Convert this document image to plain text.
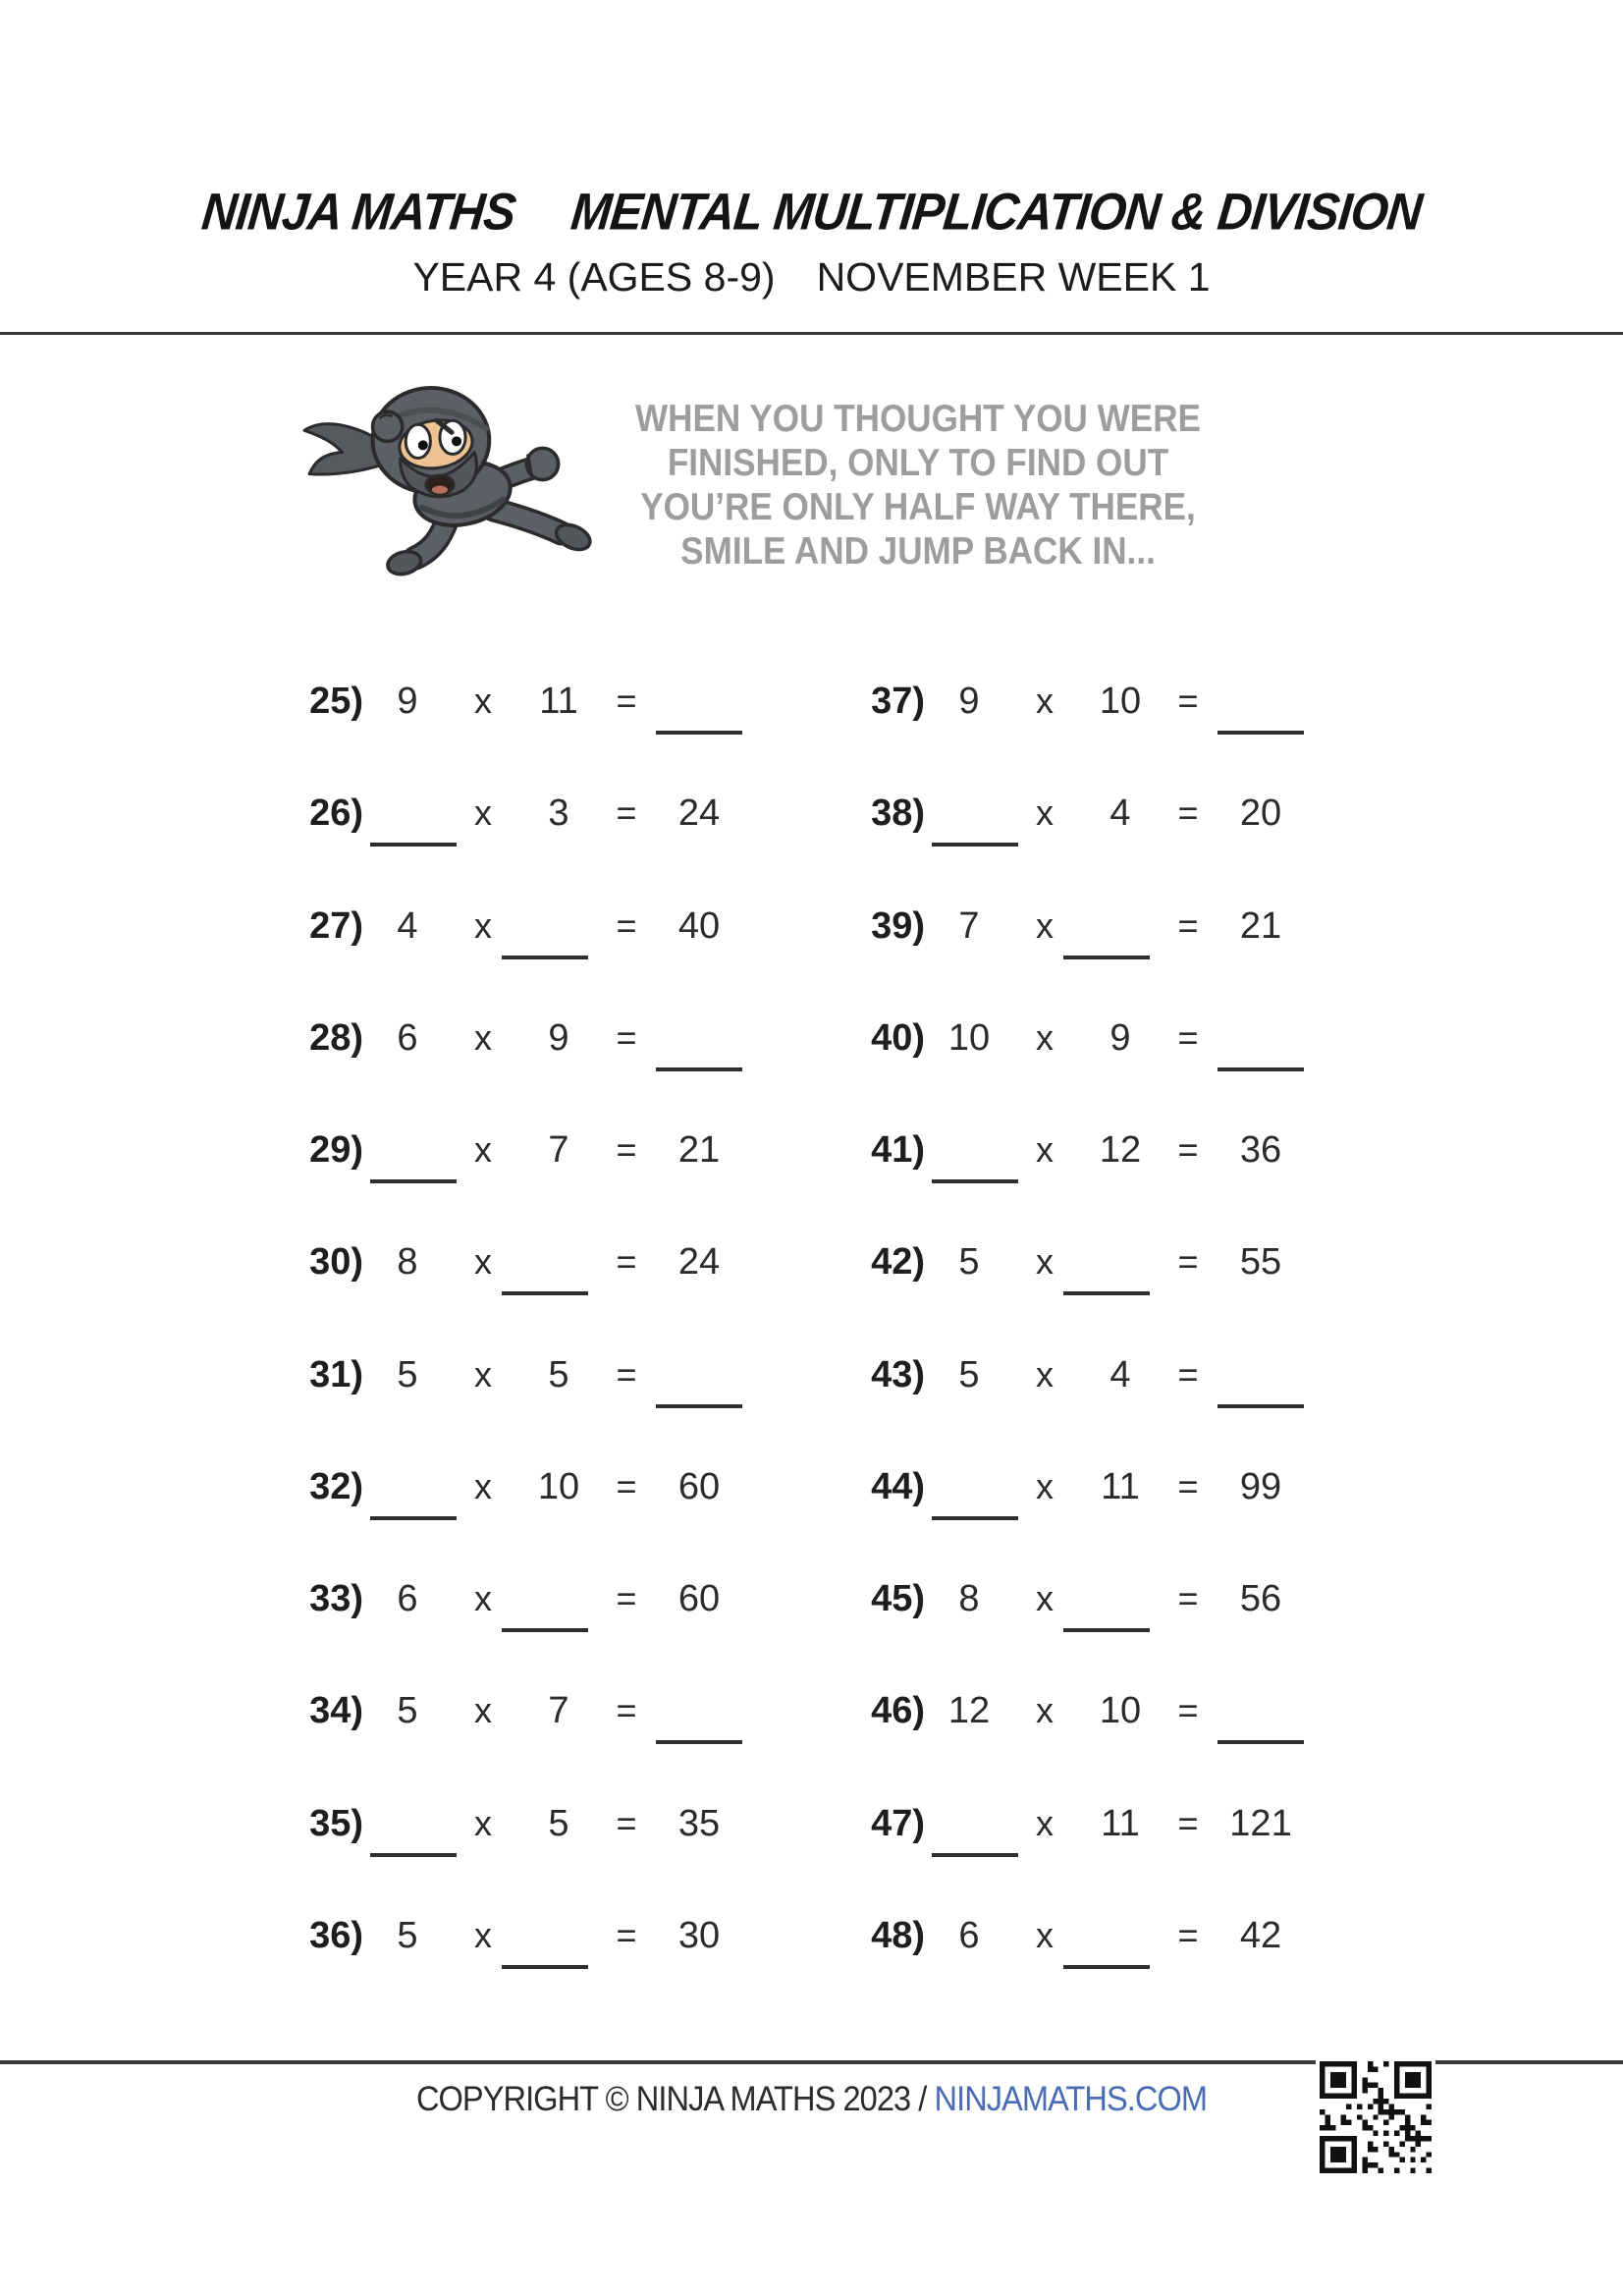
NINJA MATHS MENTAL MULTIPLICATION & DIVISION
YEAR 4 (AGES 8-9) NOVEMBER WEEK 1
WHEN YOU THOUGHT YOU WERE
FINISHED, ONLY TO FIND OUT
YOU’RE ONLY HALF WAY THERE,
SMILE AND JUMP BACK IN...
25) 9	x	11	=
26)	x	3	=	24
27) 4	x	=	40
28) 6	x	9	=
29)	x	7	=	21
30) 8	x	=	24
31) 5	x	5	=
32)	x	10	=	60
33) 6	x	=	60
34) 5	x	7	=
35)	x	5	=	35
36) 5	x	=	30
37) 9	x	10	=
38)	x	4	=	20
39) 7	x	=	21
40) 10	x	9	=
41)	x	12	=	36
42) 5	x	=	55
43) 5	x	4	=
44)	x	11	=	99
45) 8	x	=	56
46) 12	x	10	=
47)	x	11	= 121
48) 6	x	=	42
COPYRIGHT © NINJA MATHS 2023 / NINJAMATHS.COM
